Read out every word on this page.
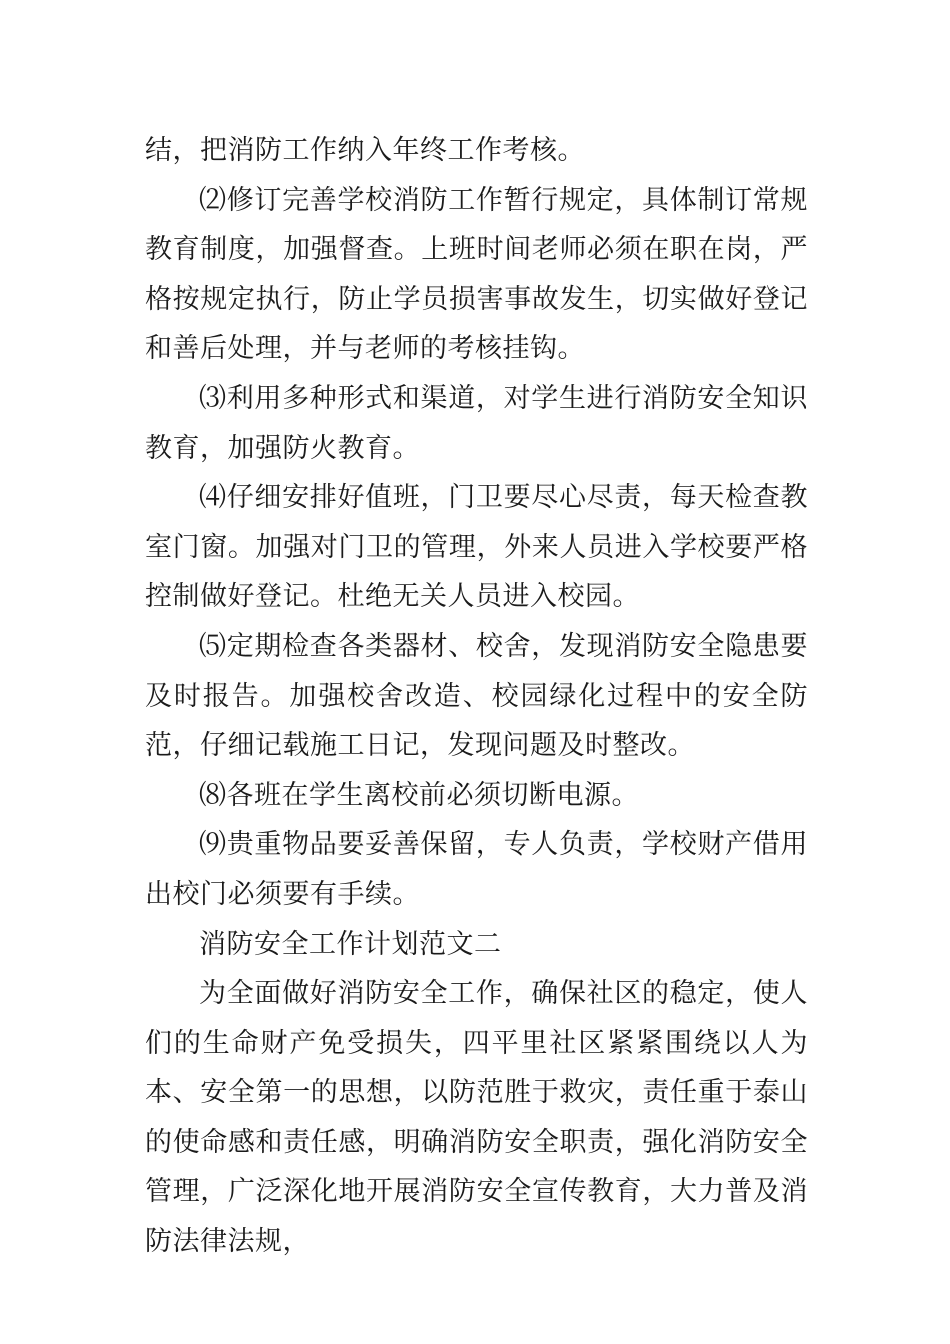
结，把消防工作纳入年终工作考核。

⑵修订完善学校消防工作暂行规定，具体制订常规教育制度，加强督查。上班时间老师必须在职在岗，严格按规定执行，防止学员损害事故发生，切实做好登记和善后处理，并与老师的考核挂钩。

⑶利用多种形式和渠道，对学生进行消防安全知识教育，加强防火教育。

⑷仔细安排好值班，门卫要尽心尽责，每天检查教室门窗。加强对门卫的管理，外来人员进入学校要严格控制做好登记。杜绝无关人员进入校园。

⑸定期检查各类器材、校舍，发现消防安全隐患要及时报告。加强校舍改造、校园绿化过程中的安全防范，仔细记载施工日记，发现问题及时整改。

⑻各班在学生离校前必须切断电源。

⑼贵重物品要妥善保留，专人负责，学校财产借用出校门必须要有手续。

消防安全工作计划范文二

为全面做好消防安全工作，确保社区的稳定，使人们的生命财产免受损失，四平里社区紧紧围绕以人为本、安全第一的思想，以防范胜于救灾，责任重于泰山的使命感和责任感，明确消防安全职责，强化消防安全管理，广泛深化地开展消防安全宣传教育，大力普及消防法律法规，
